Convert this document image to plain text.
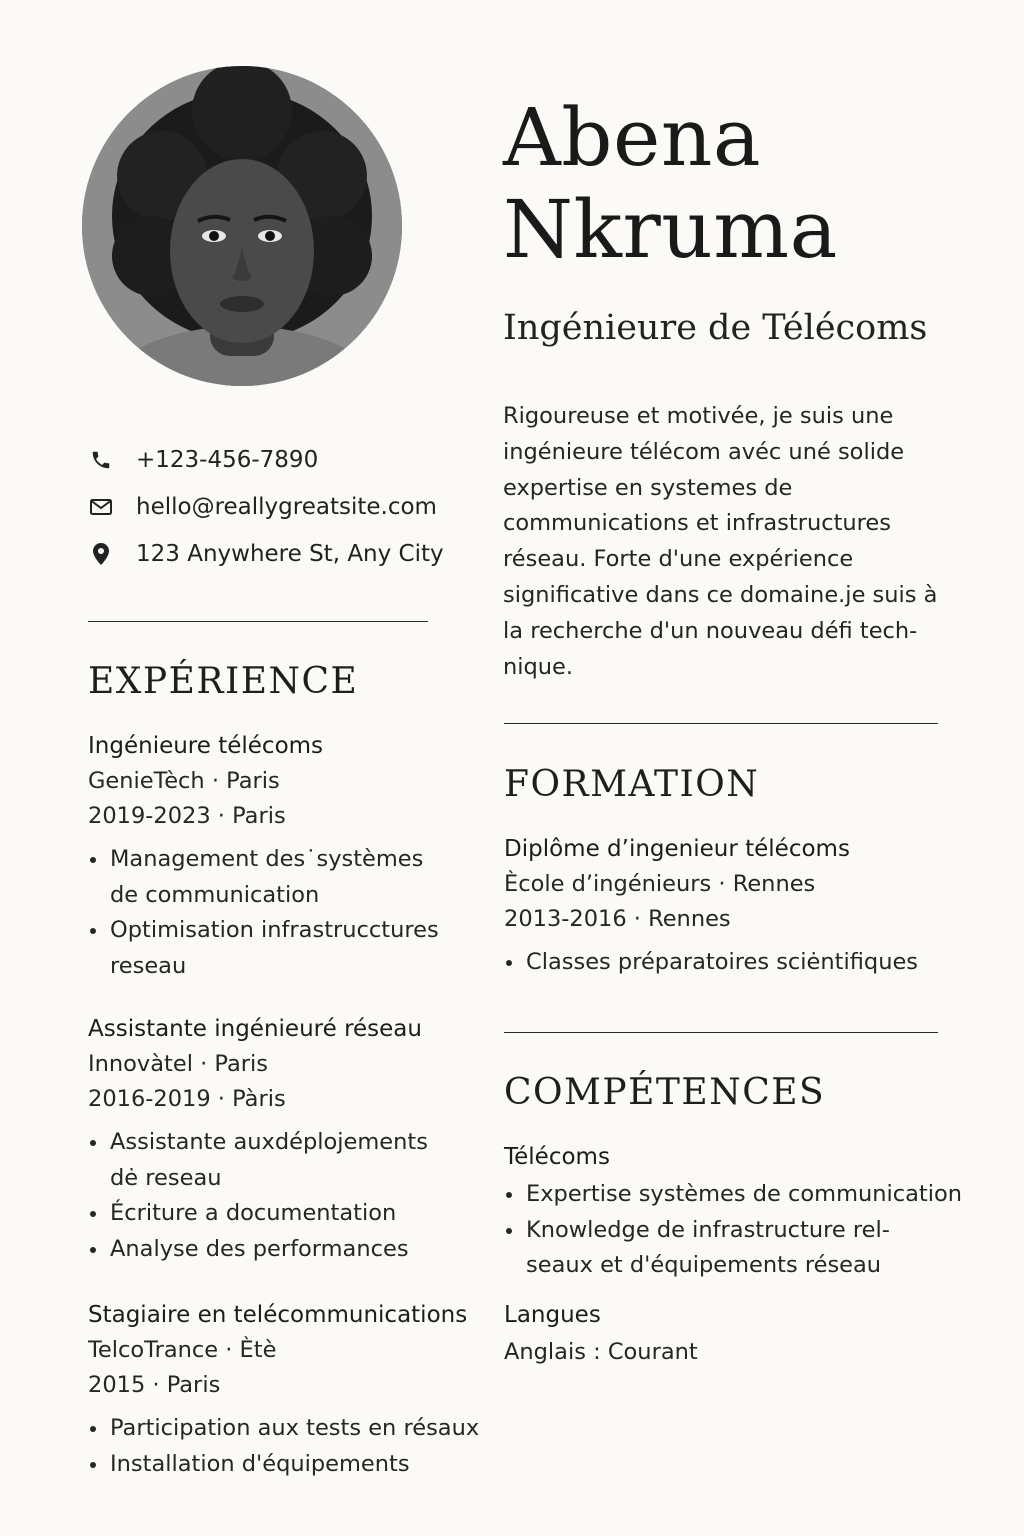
Abena
Nkruma
Ingénieure de Télécoms
Rigoureuse et motivée, je suis une ingénieure télécom avéc uné solide expertise en systemes de communications et infrastructures réseau. Forte d'une expérience significative dans ce domaine.je suis à la recherche d'un nouveau défi tech-nique.
+123-456-7890
hello@reallygreatsite.com
123 Anywhere St, Any City
EXPÉRIENCE
Ingénieure télécoms
GenieTèch · Paris
2019-2023 · Paris
Management des˙systèmes de communication
Optimisation infrastrucctures reseau
Assistante ingénieuré réseau
Innovàtel · Paris
2016-2019 · Pàris
Assistante auxdéplojements dė reseau
Écriture a documentation
Analyse des performances
Stagiaire en telécommunications
TelcoTrance · Ètè
2015 · Paris
Participation aux tests en résaux
Installation d'équipements
FORMATION
Diplôme d’ingenieur télécoms
Ècole d’ingénieurs · Rennes
2013-2016 · Rennes
Classes préparatoires sciėntifiques
COMPÉTENCES
Télécoms
Expertise systèmes de communication
Knowledge de infrastructure rel-seaux et d'équipements réseau
Langues
Anglais : Courant
